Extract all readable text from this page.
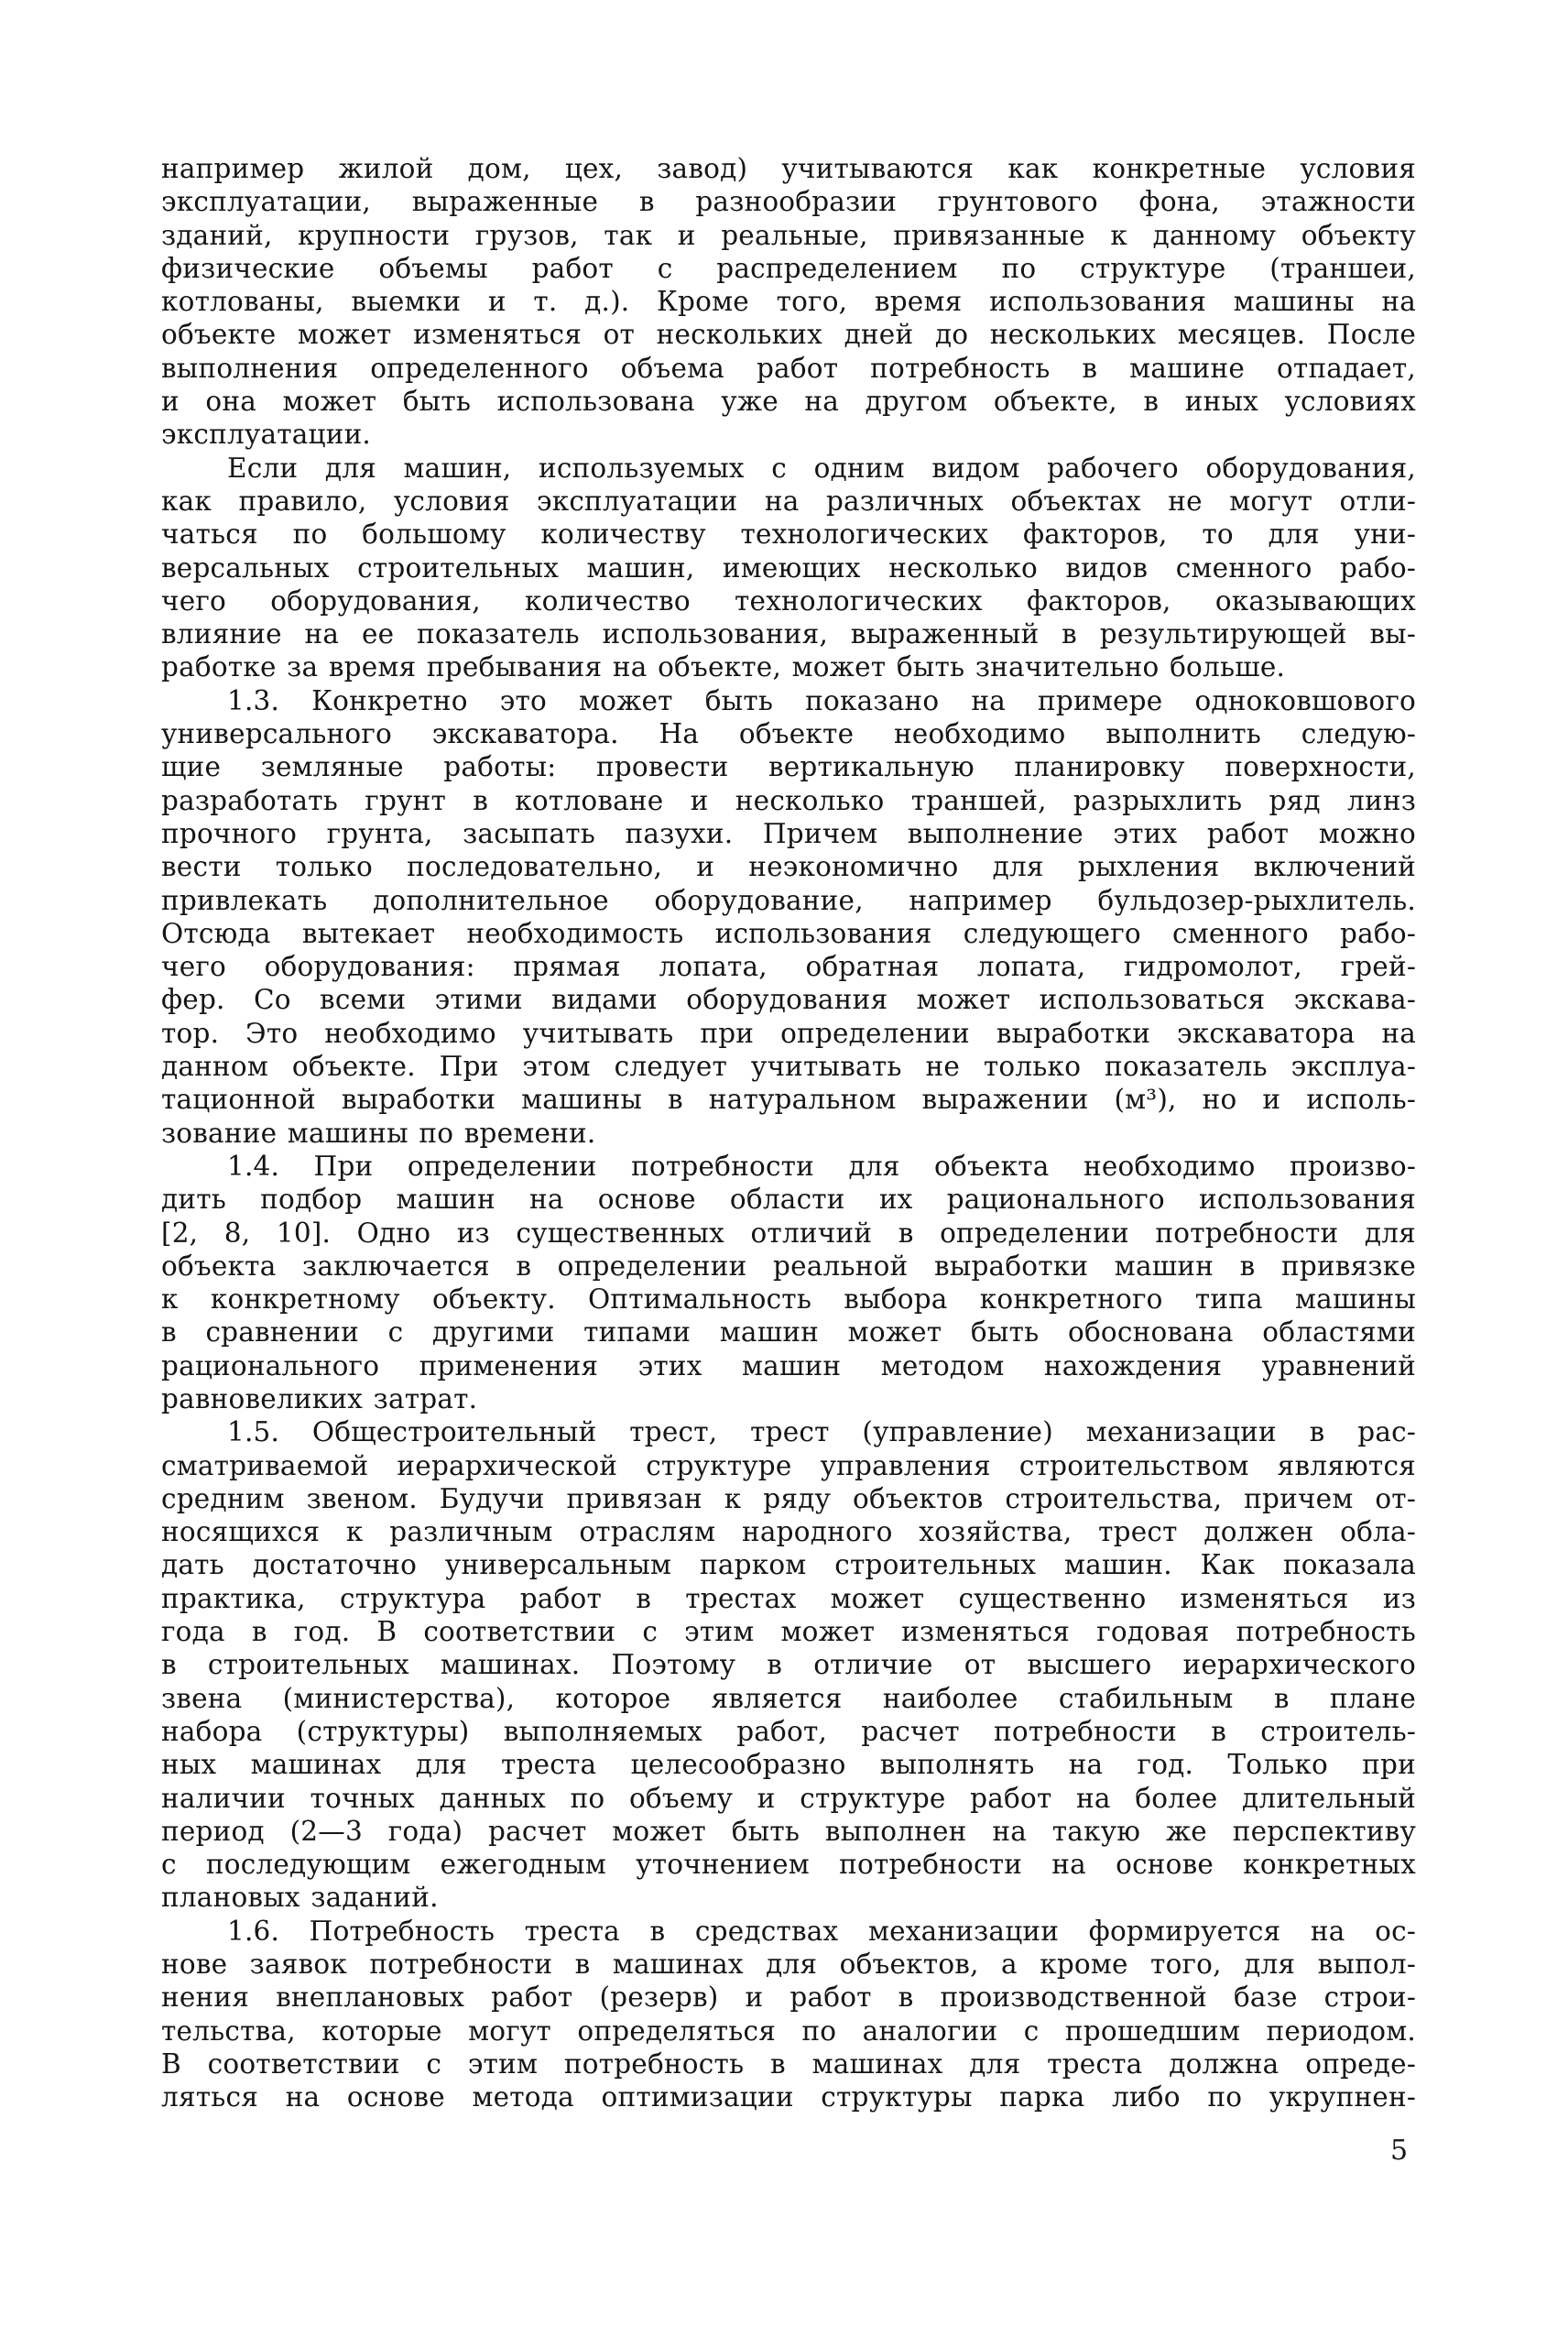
например жилой дом, цех, завод) учитываются как конкретные условия
эксплуатации, выраженные в разнообразии грунтового фона, этажности
зданий, крупности грузов, так и реальные, привязанные к данному объекту
физические объемы работ с распределением по структуре (траншеи,
котлованы, выемки и т. д.). Кроме того, время использования машины на
объекте может изменяться от нескольких дней до нескольких месяцев. После
выполнения определенного объема работ потребность в машине отпадает,
и она может быть использована уже на другом объекте, в иных условиях
эксплуатации.
Если для машин, используемых с одним видом рабочего оборудования,
как правило, условия эксплуатации на различных объектах не могут отли-
чаться по большому количеству технологических факторов, то для уни-
версальных строительных машин, имеющих несколько видов сменного рабо-
чего оборудования, количество технологических факторов, оказывающих
влияние на ее показатель использования, выраженный в результирующей вы-
работке за время пребывания на объекте, может быть значительно больше.
1.3. Конкретно это может быть показано на примере одноковшового
универсального экскаватора. На объекте необходимо выполнить следую-
щие земляные работы: провести вертикальную планировку поверхности,
разработать грунт в котловане и несколько траншей, разрыхлить ряд линз
прочного грунта, засыпать пазухи. Причем выполнение этих работ можно
вести только последовательно, и неэкономично для рыхления включений
привлекать дополнительное оборудование, например бульдозер-рыхлитель.
Отсюда вытекает необходимость использования следующего сменного рабо-
чего оборудования: прямая лопата, обратная лопата, гидромолот, грей-
фер. Со всеми этими видами оборудования может использоваться экскава-
тор. Это необходимо учитывать при определении выработки экскаватора на
данном объекте. При этом следует учитывать не только показатель эксплуа-
тационной выработки машины в натуральном выражении (м³), но и исполь-
зование машины по времени.
1.4. При определении потребности для объекта необходимо произво-
дить подбор машин на основе области их рационального использования
[2, 8, 10]. Одно из существенных отличий в определении потребности для
объекта заключается в определении реальной выработки машин в привязке
к конкретному объекту. Оптимальность выбора конкретного типа машины
в сравнении с другими типами машин может быть обоснована областями
рационального применения этих машин методом нахождения уравнений
равновеликих затрат.
1.5. Общестроительный трест, трест (управление) механизации в рас-
сматриваемой иерархической структуре управления строительством являются
средним звеном. Будучи привязан к ряду объектов строительства, причем от-
носящихся к различным отраслям народного хозяйства, трест должен обла-
дать достаточно универсальным парком строительных машин. Как показала
практика, структура работ в трестах может существенно изменяться из
года в год. В соответствии с этим может изменяться годовая потребность
в строительных машинах. Поэтому в отличие от высшего иерархического
звена (министерства), которое является наиболее стабильным в плане
набора (структуры) выполняемых работ, расчет потребности в строитель-
ных машинах для треста целесообразно выполнять на год. Только при
наличии точных данных по объему и структуре работ на более длительный
период (2—3 года) расчет может быть выполнен на такую же перспективу
с последующим ежегодным уточнением потребности на основе конкретных
плановых заданий.
1.6. Потребность треста в средствах механизации формируется на ос-
нове заявок потребности в машинах для объектов, а кроме того, для выпол-
нения внеплановых работ (резерв) и работ в производственной базе строи-
тельства, которые могут определяться по аналогии с прошедшим периодом.
В соответствии с этим потребность в машинах для треста должна опреде-
ляться на основе метода оптимизации структуры парка либо по укрупнен-
5
